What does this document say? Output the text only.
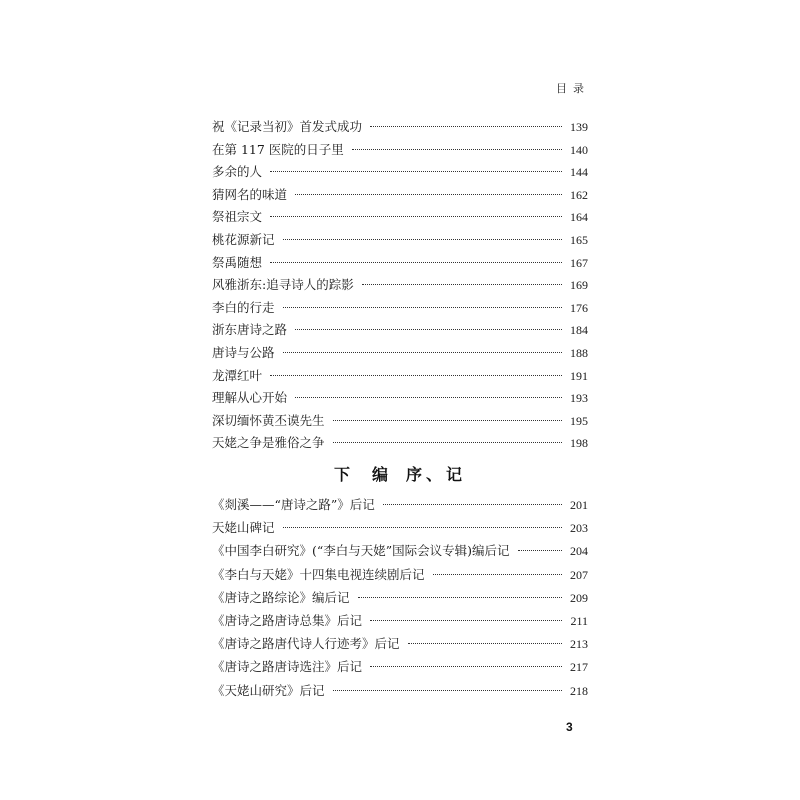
目录
祝《记录当初》首发式成功	139
在第 117 医院的日子里	140
多余的人	144
猜网名的味道	162
祭祖宗文	164
桃花源新记	165
祭禹随想	167
风雅浙东:追寻诗人的踪影	169
李白的行走	176
浙东唐诗之路	184
唐诗与公路	188
龙潭红叶	191
理解从心开始	193
深切缅怀黄丕谟先生	195
天姥之争是雅俗之争	198
下 编 序、记
《剡溪——“唐诗之路”》后记	201
天姥山碑记	203
《中国李白研究》(“李白与天姥”国际会议专辑)编后记	204
《李白与天姥》十四集电视连续剧后记	207
《唐诗之路综论》编后记	209
《唐诗之路唐诗总集》后记	211
《唐诗之路唐代诗人行迹考》后记	213
《唐诗之路唐诗选注》后记	217
《天姥山研究》后记	218
3
